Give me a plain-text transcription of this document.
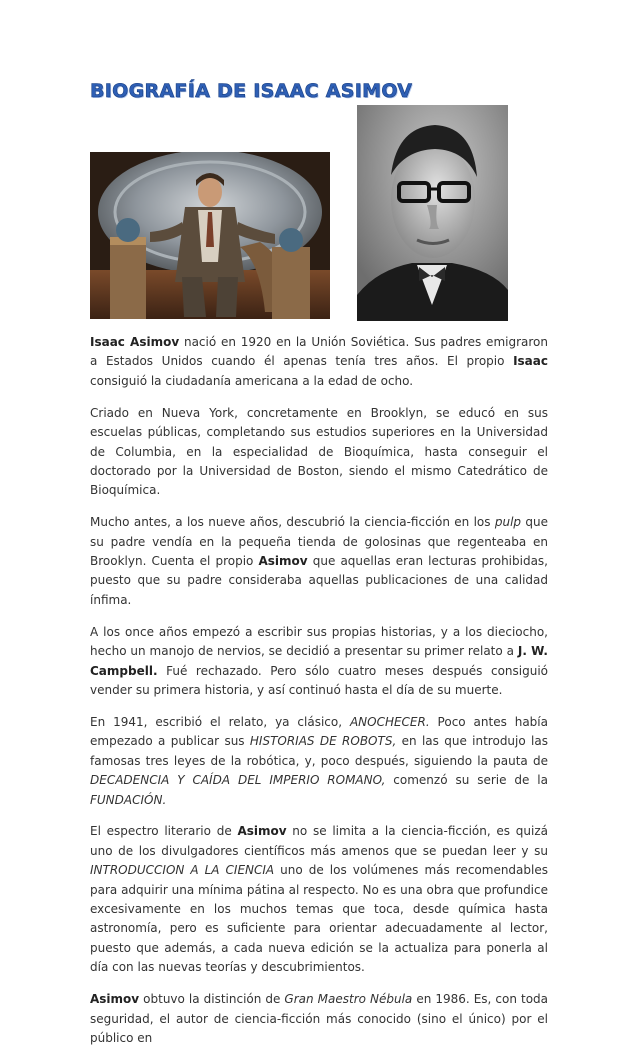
BIOGRAFÍA DE ISAAC ASIMOV

Isaac Asimov nació en 1920 en la Unión Soviética. Sus padres emigraron a Estados Unidos cuando él apenas tenía tres años. El propio Isaac consiguió la ciudadanía americana a la edad de ocho.

Criado en Nueva York, concretamente en Brooklyn, se educó en sus escuelas públicas, completando sus estudios superiores en la Universidad de Columbia, en la especialidad de Bioquímica, hasta conseguir el doctorado por la Universidad de Boston, siendo el mismo Catedrático de Bioquímica.

Mucho antes, a los nueve años, descubrió la ciencia-ficción en los pulp que su padre vendía en la pequeña tienda de golosinas que regenteaba en Brooklyn. Cuenta el propio Asimov que aquellas eran lecturas prohibidas, puesto que su padre consideraba aquellas publicaciones de una calidad ínfima.

A los once años empezó a escribir sus propias historias, y a los dieciocho, hecho un manojo de nervios, se decidió a presentar su primer relato a J. W. Campbell. Fué rechazado. Pero sólo cuatro meses después consiguió vender su primera historia, y así continuó hasta el día de su muerte.

En 1941, escribió el relato, ya clásico, ANOCHECER. Poco antes había empezado a publicar sus HISTORIAS DE ROBOTS, en las que introdujo las famosas tres leyes de la robótica, y, poco después, siguiendo la pauta de DECADENCIA Y CAÍDA DEL IMPERIO ROMANO, comenzó su serie de la FUNDACIÓN.

El espectro literario de Asimov no se limita a la ciencia-ficción, es quizá uno de los divulgadores científicos más amenos que se puedan leer y su INTRODUCCION A LA CIENCIA uno de los volúmenes más recomendables para adquirir una mínima pátina al respecto. No es una obra que profundice excesivamente en los muchos temas que toca, desde química hasta astronomía, pero es suficiente para orientar adecuadamente al lector, puesto que además, a cada nueva edición se la actualiza para ponerla al día con las nuevas teorías y descubrimientos.

Asimov obtuvo la distinción de Gran Maestro Nébula en 1986. Es, con toda seguridad, el autor de ciencia-ficción más conocido (sino el único) por el público en
